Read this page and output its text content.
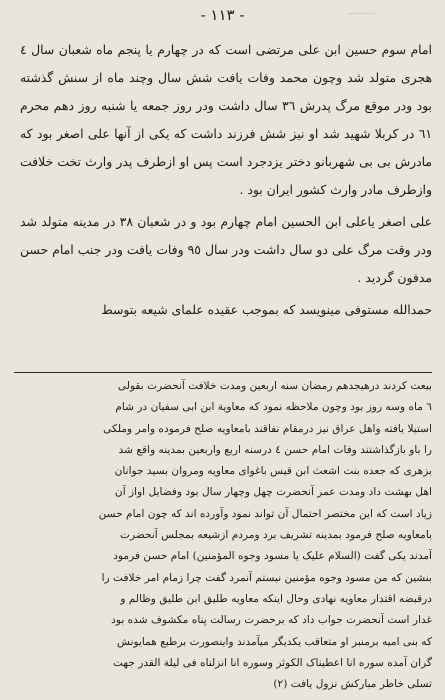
⸻
- ١١٣ -

امام سوم حسین ابن علی مرتضی است که در چهارم یا پنجم ماه شعبان سال ٤ هجری متولد شد وچون محمد وفات یافت شش سال وچند ماه از سنش گذشته بود ودر موقع مرگ پدرش ٣٦ سال داشت ودر روز جمعه یا شنبه روز دهم محرم ٦١ در کربلا شهید شد او نیز شش فرزند داشت که یکی از آنها علی اصغر بود که مادرش بی بی شهربانو دختر یزدجرد است پس او ازطرف پدر وارث تخت خلافت وازطرف مادر وارث کشور ایران بود .

علی اصغر یاعلی ابن الحسین امام چهارم بود و در شعبان ٣٨ در مدینه متولد شد ودر وقت مرگ علی دو سال داشت ودر سال ٩٥ وفات یافت ودر جنب امام حسن مدفون گردید .

حمدالله مستوفی مینویسد که بموجب عقیده علمای شیعه بتوسط

بیعت کردند درهیجدهم رمضان سنه اربعین ومدت خلافت آنحضرت بقولی

٦ ماه وسه روز بود وچون ملاحظه نمود که معاویة ابن ابی سفیان در شام

استیلا یافته واهل عراق نیز درمقام نفاقند بامعاویه صلح فرموده وامر وملکی

را باو بازگذاشتند وفات امام حسن ٤ درسنه اربع واربعین بمدینه واقع شد

بزهری که جعده بنت اشعث ابن قیس باغوای معاویه ومروان بسید جوانان

اهل بهشت داد ومدت عمر آنحضرت چهل وچهار سال بود وفضایل اواز آن

زیاد است که این مختصر احتمال آن تواند نمود وآورده اند که چون امام حسن

بامعاویه صلح فرمود بمدینه تشریف برد ومردم ازشیعه بمجلس آنحضرت

آمدند یکی گفت (السلام علیک یا مسود وجوه المؤمنین) امام حسن فرمود

بنشین که من مسود وجوه مؤمنین نیستم آنمرد گفت چرا زمام امر خلافت را

درقبضه اقتدار معاویه نهادی وحال اینکه معاویه طلیق ابن طلیق وظالم و

غدار است آنحضرت جواب داد که برحضرت رسالت پناه مکشوف شده بود

که بنی امیه برمنبر او متعاقب یکدیگر میآمدند واینصورت برطبع همایونش

گران آمده سوره انا اعطیناک الکوثر وسوره انا انزلناه فی لیلة القدر جهت

تسلی خاطر مبارکش نزول یافت (٢)
